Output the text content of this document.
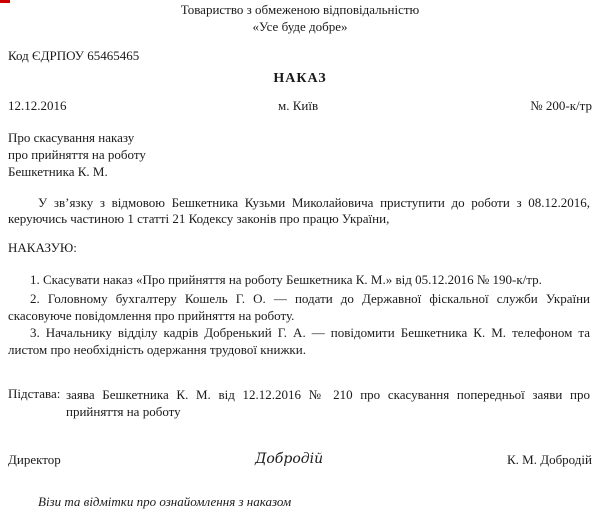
Товариство з обмеженою відповідальністю
«Усе буде добре»
Код ЄДРПОУ 65465465
НАКАЗ
12.12.2016	м. Київ	№ 200-к/тр
Про скасування наказу
про прийняття на роботу
Бешкетника К. М.
У зв’язку з відмовою Бешкетника Кузьми Миколайовича приступити до роботи з 08.12.2016,
керуючись частиною 1 статті 21 Кодексу законів про працю України,
НАКАЗУЮ:
1. Скасувати наказ «Про прийняття на роботу Бешкетника К. М.» від 05.12.2016 № 190-к/тр.
2. Головному бухгалтеру Кошель Г. О. — подати до Державної фіскальної служби України скасовуюче повідомлення про прийняття на роботу.
3. Начальнику відділу кадрів Добренький Г. А. — повідомити Бешкетника К. М. телефоном та листом про необхідність одержання трудової книжки.
Підстава: заява Бешкетника К. М. від 12.12.2016 № 210 про скасування попередньої заяви про прийняття на роботу
Директор	Добродій	К. М. Добродій
Візи та відмітки про ознайомлення з наказом
